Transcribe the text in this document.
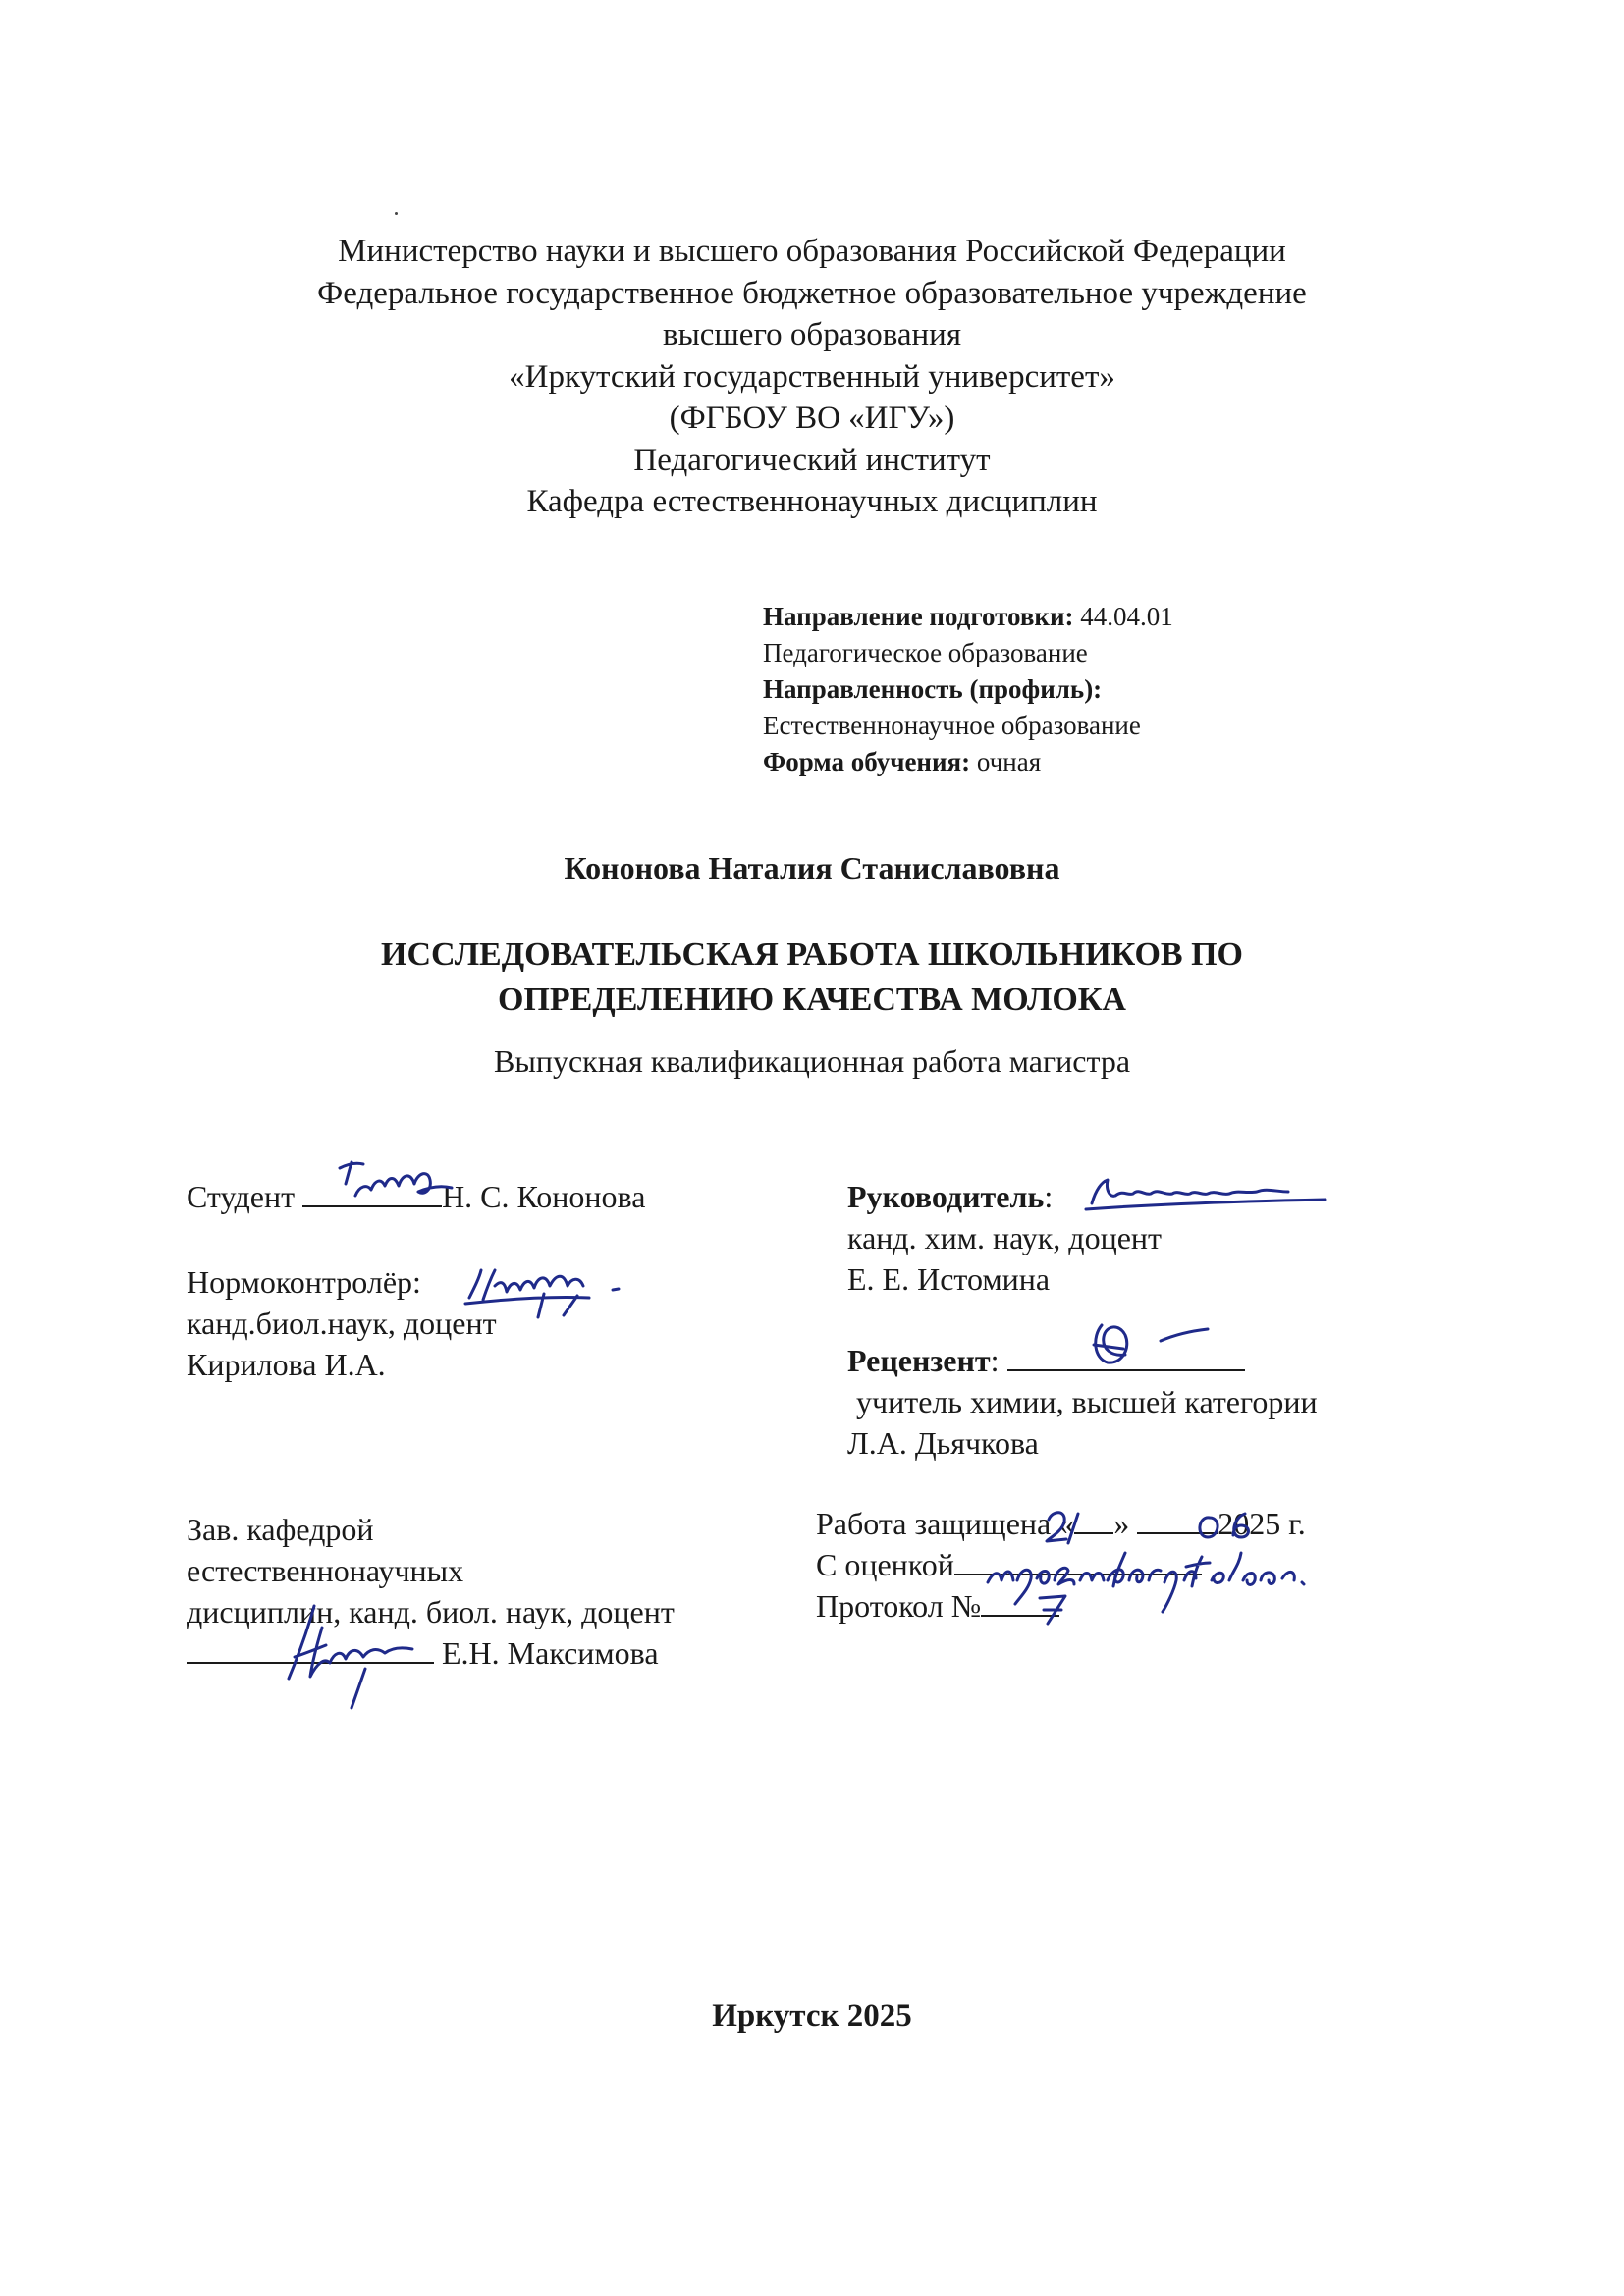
Министерство науки и высшего образования Российской Федерации
Федеральное государственное бюджетное образовательное учреждение
высшего образования
«Иркутский государственный университет»
(ФГБОУ ВО «ИГУ»)
Педагогический институт
Кафедра естественнонаучных дисциплин
Направление подготовки: 44.04.01
Педагогическое образование
Направленность (профиль):
Естественнонаучное образование
Форма обучения: очная
Кононова Наталия Станиславовна
ИССЛЕДОВАТЕЛЬСКАЯ РАБОТА ШКОЛЬНИКОВ ПО
ОПРЕДЕЛЕНИЮ КАЧЕСТВА МОЛОКА
Выпускная квалификационная работа магистра
Студент	Н. С. Кононова
Нормоконтролёр:
канд.биол.наук, доцент
Кирилова И.А.
Руководитель:
канд. хим. наук, доцент
Е. Е. Истомина
Рецензент:
учитель химии, высшей категории
Л.А. Дьячкова
Зав. кафедрой
естественнонаучных
дисциплин, канд. биол. наук, доцент
Е.Н. Максимова
Работа защищена « »	2025 г.
С оценкой
Протокол №
Иркутск 2025
